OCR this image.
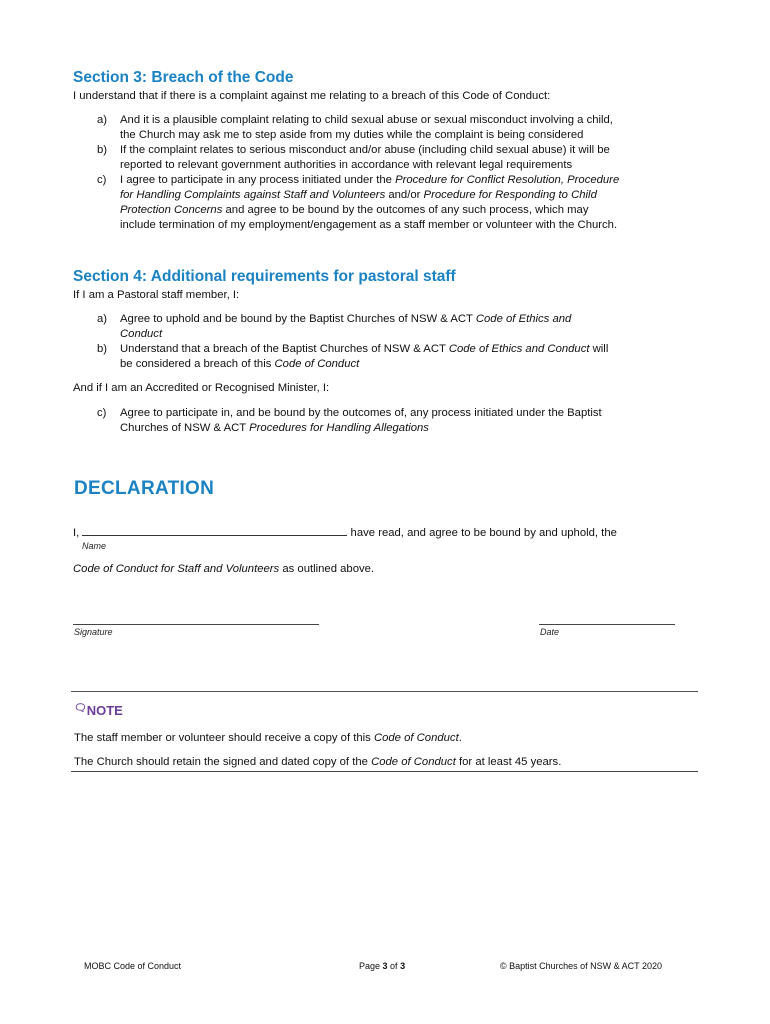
Section 3: Breach of the Code
I understand that if there is a complaint against me relating to a breach of this Code of Conduct:
a)	And it is a plausible complaint relating to child sexual abuse or sexual misconduct involving a child,
the Church may ask me to step aside from my duties while the complaint is being considered
b)	If the complaint relates to serious misconduct and/or abuse (including child sexual abuse) it will be
reported to relevant government authorities in accordance with relevant legal requirements
c)	I agree to participate in any process initiated under the Procedure for Conflict Resolution, Procedure
for Handling Complaints against Staff and Volunteers and/or Procedure for Responding to Child
Protection Concerns and agree to be bound by the outcomes of any such process, which may
include termination of my employment/engagement as a staff member or volunteer with the Church.
Section 4: Additional requirements for pastoral staff
If I am a Pastoral staff member, I:
a)	Agree to uphold and be bound by the Baptist Churches of NSW & ACT Code of Ethics and
Conduct
b)	Understand that a breach of the Baptist Churches of NSW & ACT Code of Ethics and Conduct will
be considered a breach of this Code of Conduct
And if I am an Accredited or Recognised Minister, I:
c)	Agree to participate in, and be bound by the outcomes of, any process initiated under the Baptist
Churches of NSW & ACT Procedures for Handling Allegations
DECLARATION
I,	have read, and agree to be bound by and uphold, the
Name
Code of Conduct for Staff and Volunteers as outlined above.
Signature	Date
🗨NOTE
The staff member or volunteer should receive a copy of this Code of Conduct.
The Church should retain the signed and dated copy of the Code of Conduct for at least 45 years.
MOBC Code of Conduct	Page 3 of 3	© Baptist Churches of NSW & ACT 2020
